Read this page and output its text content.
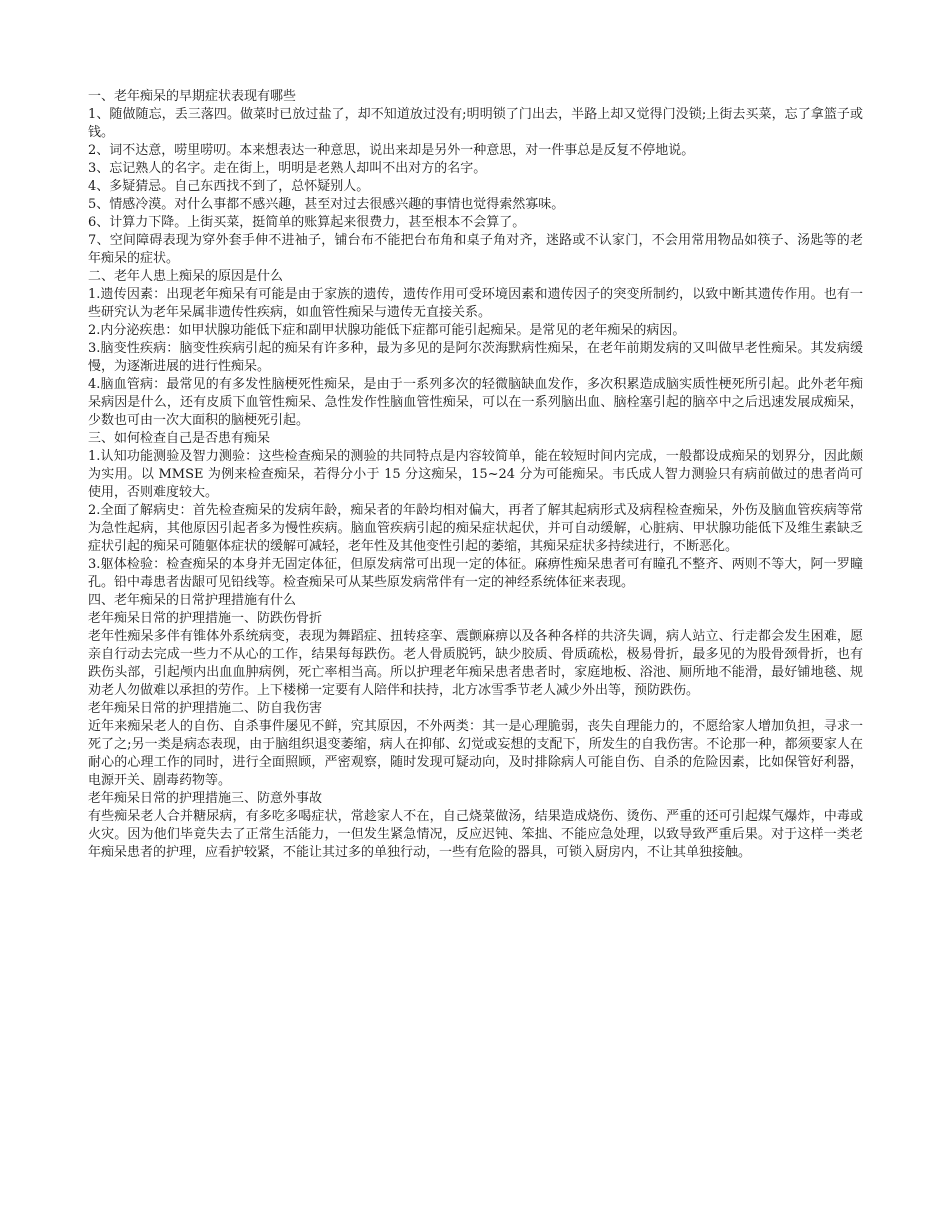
一、老年痴呆的早期症状表现有哪些

1、随做随忘，丢三落四。做菜时已放过盐了，却不知道放过没有;明明锁了门出去，半路上却又觉得门没锁;上街去买菜，忘了拿篮子或钱。

2、词不达意，唠里唠叨。本来想表达一种意思，说出来却是另外一种意思，对一件事总是反复不停地说。

3、忘记熟人的名字。走在街上，明明是老熟人却叫不出对方的名字。

4、多疑猜忌。自己东西找不到了，总怀疑别人。

5、情感冷漠。对什么事都不感兴趣，甚至对过去很感兴趣的事情也觉得索然寡味。

6、计算力下降。上街买菜，挺简单的账算起来很费力，甚至根本不会算了。

7、空间障碍表现为穿外套手伸不进袖子，铺台布不能把台布角和桌子角对齐，迷路或不认家门，不会用常用物品如筷子、汤匙等的老年痴呆的症状。

二、老年人患上痴呆的原因是什么

1.遗传因素：出现老年痴呆有可能是由于家族的遗传，遗传作用可受环境因素和遗传因子的突变所制约，以致中断其遗传作用。也有一些研究认为老年呆属非遗传性疾病，如血管性痴呆与遗传无直接关系。

2.内分泌疾患：如甲状腺功能低下症和副甲状腺功能低下症都可能引起痴呆。是常见的老年痴呆的病因。

3.脑变性疾病：脑变性疾病引起的痴呆有许多种，最为多见的是阿尔茨海默病性痴呆，在老年前期发病的又叫做早老性痴呆。其发病缓慢，为逐渐进展的进行性痴呆。

4.脑血管病：最常见的有多发性脑梗死性痴呆，是由于一系列多次的轻微脑缺血发作，多次积累造成脑实质性梗死所引起。此外老年痴呆病因是什么，还有皮质下血管性痴呆、急性发作性脑血管性痴呆，可以在一系列脑出血、脑栓塞引起的脑卒中之后迅速发展成痴呆，少数也可由一次大面积的脑梗死引起。

三、如何检查自己是否患有痴呆

1.认知功能测验及智力测验：这些检查痴呆的测验的共同特点是内容较简单，能在较短时间内完成，一般都设成痴呆的划界分，因此颇为实用。以 MMSE 为例来检查痴呆，若得分小于 15 分这痴呆，15~24 分为可能痴呆。韦氏成人智力测验只有病前做过的患者尚可使用，否则难度较大。

2.全面了解病史：首先检查痴呆的发病年龄，痴呆者的年龄均相对偏大，再者了解其起病形式及病程检查痴呆，外伤及脑血管疾病等常为急性起病，其他原因引起者多为慢性疾病。脑血管疾病引起的痴呆症状起伏，并可自动缓解，心脏病、甲状腺功能低下及维生素缺乏症状引起的痴呆可随躯体症状的缓解可减轻，老年性及其他变性引起的萎缩，其痴呆症状多持续进行，不断恶化。

3.躯体检验：检查痴呆的本身并无固定体征，但原发病常可出现一定的体征。麻痹性痴呆患者可有瞳孔不整齐、两则不等大，阿一罗瞳孔。铅中毒患者齿龈可见铅线等。检查痴呆可从某些原发病常伴有一定的神经系统体征来表现。

四、老年痴呆的日常护理措施有什么

老年痴呆日常的护理措施一、防跌伤骨折

老年性痴呆多伴有锥体外系统病变，表现为舞蹈症、扭转痉挛、震颤麻痹以及各种各样的共济失调，病人站立、行走都会发生困难，愿亲自行动去完成一些力不从心的工作，结果每每跌伤。老人骨质脱钙，缺少胶质、骨质疏松，极易骨折，最多见的为股骨颈骨折，也有跌伤头部，引起颅内出血血肿病例，死亡率相当高。所以护理老年痴呆患者患者时，家庭地板、浴池、厕所地不能滑，最好铺地毯、规劝老人勿做难以承担的劳作。上下楼梯一定要有人陪伴和扶持，北方冰雪季节老人减少外出等，预防跌伤。

老年痴呆日常的护理措施二、防自我伤害

近年来痴呆老人的自伤、自杀事件屡见不鲜，究其原因，不外两类：其一是心理脆弱，丧失自理能力的，不愿给家人增加负担，寻求一死了之;另一类是病态表现，由于脑组织退变萎缩，病人在抑郁、幻觉或妄想的支配下，所发生的自我伤害。不论那一种，都须要家人在耐心的心理工作的同时，进行全面照顾，严密观察，随时发现可疑动向，及时排除病人可能自伤、自杀的危险因素，比如保管好利器，电源开关、剧毒药物等。

老年痴呆日常的护理措施三、防意外事故

有些痴呆老人合并糖尿病，有多吃多喝症状，常趁家人不在，自己烧菜做汤，结果造成烧伤、烫伤、严重的还可引起煤气爆炸，中毒或火灾。因为他们毕竟失去了正常生活能力，一但发生紧急情况，反应迟钝、笨拙、不能应急处理，以致导致严重后果。对于这样一类老年痴呆患者的护理，应看护较紧，不能让其过多的单独行动，一些有危险的器具，可锁入厨房内，不让其单独接触。
